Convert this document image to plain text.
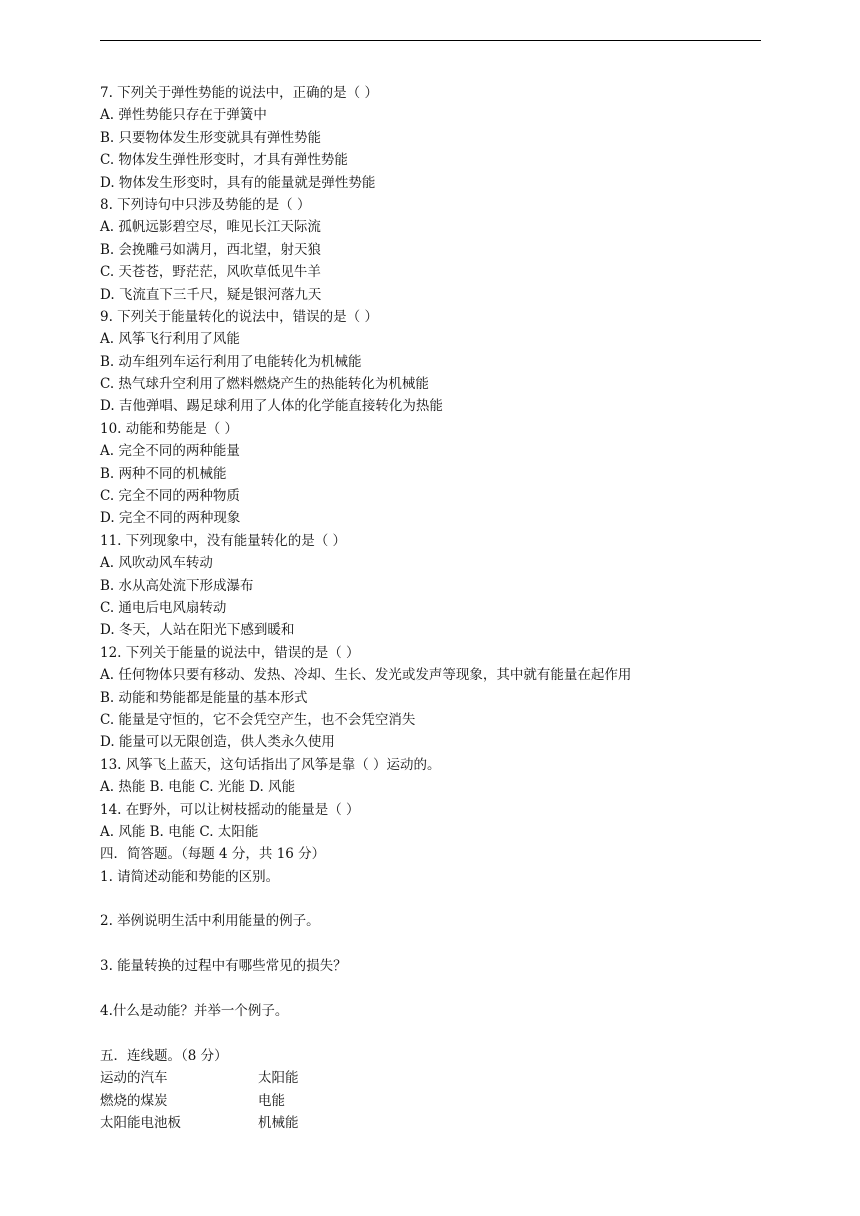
7. 下列关于弹性势能的说法中，正确的是（ ）
A. 弹性势能只存在于弹簧中
B. 只要物体发生形变就具有弹性势能
C. 物体发生弹性形变时，才具有弹性势能
D. 物体发生形变时，具有的能量就是弹性势能
8. 下列诗句中只涉及势能的是（ ）
A. 孤帆远影碧空尽，唯见长江天际流
B. 会挽雕弓如满月，西北望，射天狼
C. 天苍苍，野茫茫，风吹草低见牛羊
D. 飞流直下三千尺，疑是银河落九天
9. 下列关于能量转化的说法中，错误的是（ ）
A. 风筝飞行利用了风能
B. 动车组列车运行利用了电能转化为机械能
C. 热气球升空利用了燃料燃烧产生的热能转化为机械能
D. 吉他弹唱、踢足球利用了人体的化学能直接转化为热能
10. 动能和势能是（ ）
A. 完全不同的两种能量
B. 两种不同的机械能
C. 完全不同的两种物质
D. 完全不同的两种现象
11. 下列现象中，没有能量转化的是（ ）
A. 风吹动风车转动
B. 水从高处流下形成瀑布
C. 通电后电风扇转动
D. 冬天，人站在阳光下感到暖和
12. 下列关于能量的说法中，错误的是（ ）
A. 任何物体只要有移动、发热、冷却、生长、发光或发声等现象，其中就有能量在起作用
B. 动能和势能都是能量的基本形式
C. 能量是守恒的，它不会凭空产生，也不会凭空消失
D. 能量可以无限创造，供人类永久使用
13. 风筝飞上蓝天，这句话指出了风筝是靠（ ）运动的。
A. 热能 B. 电能 C. 光能 D. 风能
14. 在野外，可以让树枝摇动的能量是（ ）
A. 风能 B. 电能 C. 太阳能
四．简答题。（每题 4 分，共 16 分）
1. 请简述动能和势能的区别。
2. 举例说明生活中利用能量的例子。
3. 能量转换的过程中有哪些常见的损失？
4.什么是动能？并举一个例子。
五．连线题。（8 分）
运动的汽车	太阳能
燃烧的煤炭	电能
太阳能电池板	机械能
